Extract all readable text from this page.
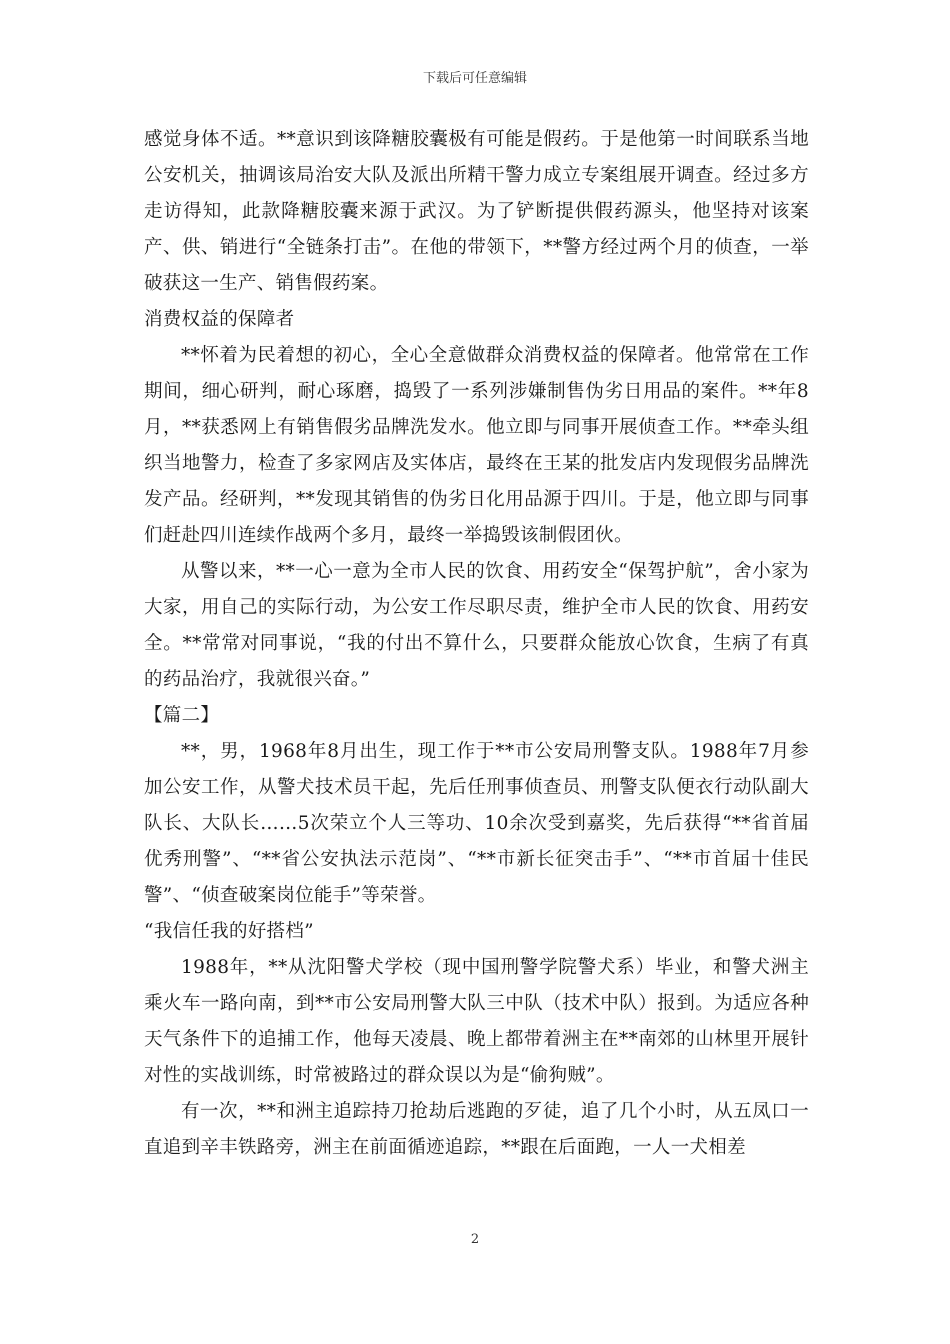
下载后可任意编辑

感觉身体不适。**意识到该降糖胶囊极有可能是假药。于是他第一时间联系当地公安机关，抽调该局治安大队及派出所精干警力成立专案组展开调查。经过多方走访得知，此款降糖胶囊来源于武汉。为了铲断提供假药源头，他坚持对该案产、供、销进行“全链条打击”。在他的带领下，**警方经过两个月的侦查，一举破获这一生产、销售假药案。

消费权益的保障者

**怀着为民着想的初心，全心全意做群众消费权益的保障者。他常常在工作期间，细心研判，耐心琢磨，捣毁了一系列涉嫌制售伪劣日用品的案件。**年8月，**获悉网上有销售假劣品牌洗发水。他立即与同事开展侦查工作。**牵头组织当地警力，检查了多家网店及实体店，最终在王某的批发店内发现假劣品牌洗发产品。经研判，**发现其销售的伪劣日化用品源于四川。于是，他立即与同事们赶赴四川连续作战两个多月，最终一举捣毁该制假团伙。

从警以来，**一心一意为全市人民的饮食、用药安全“保驾护航”，舍小家为大家，用自己的实际行动，为公安工作尽职尽责，维护全市人民的饮食、用药安全。**常常对同事说，“我的付出不算什么，只要群众能放心饮食，生病了有真的药品治疗，我就很兴奋。”

【篇二】

**，男，1968年8月出生，现工作于**市公安局刑警支队。1988年7月参加公安工作，从警犬技术员干起，先后任刑事侦查员、刑警支队便衣行动队副大队长、大队长……5次荣立个人三等功、10余次受到嘉奖，先后获得“**省首届优秀刑警”、“**省公安执法示范岗”、“**市新长征突击手”、“**市首届十佳民警”、“侦查破案岗位能手”等荣誉。

“我信任我的好搭档”

1988年，**从沈阳警犬学校（现中国刑警学院警犬系）毕业，和警犬洲主乘火车一路向南，到**市公安局刑警大队三中队（技术中队）报到。为适应各种天气条件下的追捕工作，他每天凌晨、晚上都带着洲主在**南郊的山林里开展针对性的实战训练，时常被路过的群众误以为是“偷狗贼”。

有一次，**和洲主追踪持刀抢劫后逃跑的歹徒，追了几个小时，从五凤口一直追到辛丰铁路旁，洲主在前面循迹追踪，**跟在后面跑，一人一犬相差

2
